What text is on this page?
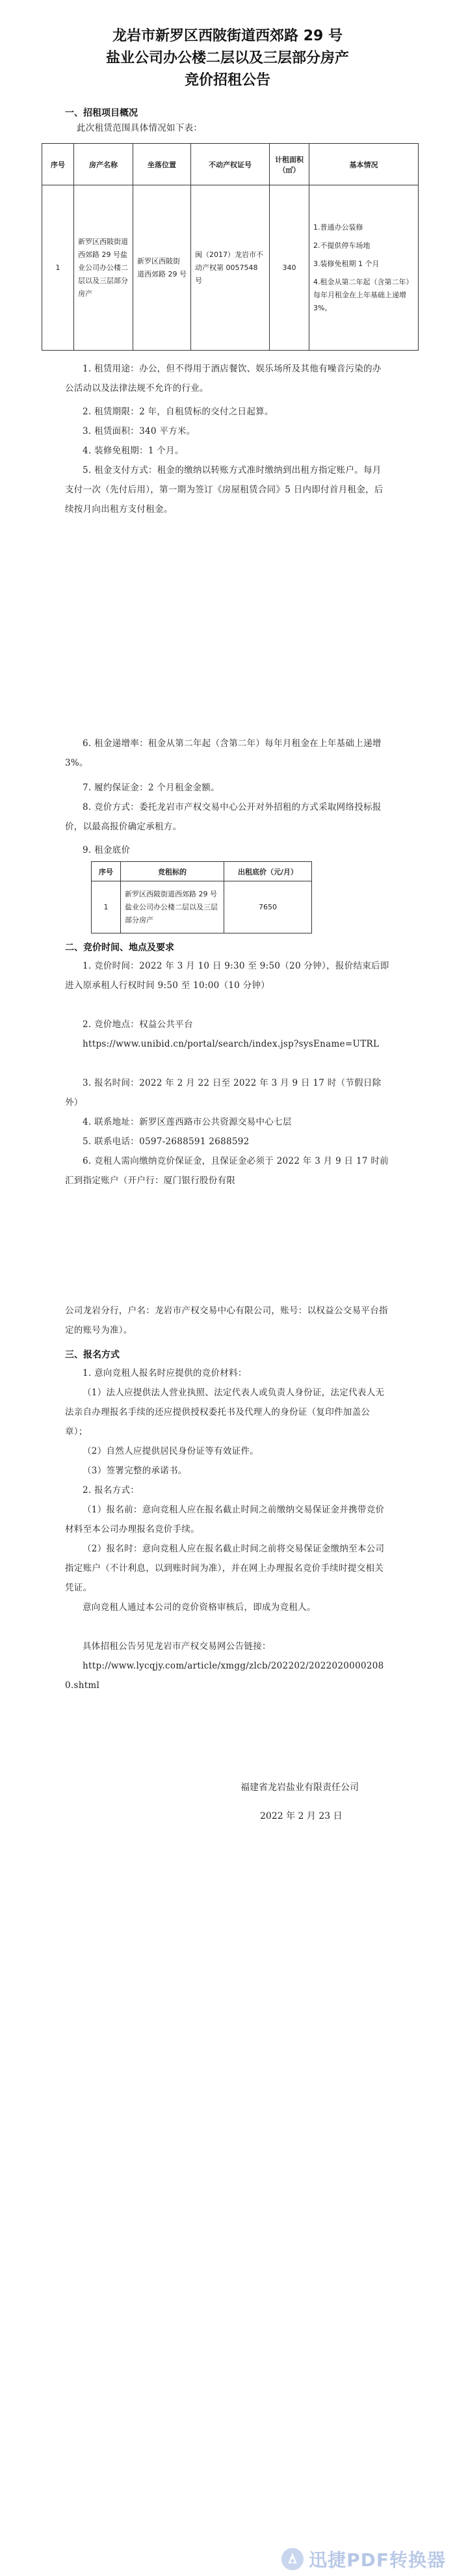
龙岩市新罗区西陂街道西郊路 29 号
盐业公司办公楼二层以及三层部分房产
竞价招租公告
一、招租项目概况
此次租赁范围具体情况如下表：
序号	房产名称	坐落位置	不动产权证号	计租面积（㎡）	基本情况
1	新罗区西陂街道西郊路 29 号盐业公司办公楼二层以及三层部分房产	新罗区西陂街道西郊路 29 号	闽（2017）龙岩市不动产权第 0057548 号	340	1.普通办公装修
2.不提供停车场地
3.装修免租期 1 个月
4.租金从第二年起（含第二年）每年月租金在上年基础上递增 3%。
1. 租赁用途：办公，但不得用于酒店餐饮、娱乐场所及其他有噪音污染的办公活动以及法律法规不允许的行业。
2. 租赁期限：2 年，自租赁标的交付之日起算。
3. 租赁面积：340 平方米。
4. 装修免租期：1 个月。
5. 租金支付方式：租金的缴纳以转账方式准时缴纳到出租方指定账户。每月支付一次（先付后用），第一期为签订《房屋租赁合同》5 日内即付首月租金，后续按月向出租方支付租金。
6. 租金递增率：租金从第二年起（含第二年）每年月租金在上年基础上递增 3%。
7. 履约保证金：2 个月租金金额。
8. 竞价方式：委托龙岩市产权交易中心公开对外招租的方式采取网络投标报价，以最高报价确定承租方。
9. 租金底价
序号	竞租标的	出租底价（元/月）
1	新罗区西陂街道西郊路 29 号盐业公司办公楼二层以及三层部分房产	7650
二、竞价时间、地点及要求
1. 竞价时间：2022 年 3 月 10 日 9:30 至 9:50（20 分钟），报价结束后即进入原承租人行权时间 9:50 至 10:00（10 分钟）
2. 竞价地点：权益公共平台
https://www.unibid.cn/portal/search/index.jsp?sysEname=UTRL
3. 报名时间：2022 年 2 月 22 日至 2022 年 3 月 9 日 17 时（节假日除外）
4. 联系地址：新罗区莲西路市公共资源交易中心七层
5. 联系电话：0597-2688591 2688592
6. 竞租人需向缴纳竞价保证金，且保证金必须于 2022 年 3 月 9 日 17 时前汇到指定账户（开户行：厦门银行股份有限
公司龙岩分行，户名：龙岩市产权交易中心有限公司，账号：以权益公交易平台指定的账号为准）。
三、报名方式
1. 意向竞租人报名时应提供的竞价材料：
（1）法人应提供法人营业执照、法定代表人或负责人身份证，法定代表人无法亲自办理报名手续的还应提供授权委托书及代理人的身份证（复印件加盖公章）；
（2）自然人应提供居民身份证等有效证件。
（3）签署完整的承诺书。
2. 报名方式：
（1）报名前：意向竞租人应在报名截止时间之前缴纳交易保证金并携带竞价材料至本公司办理报名竞价手续。
（2）报名时：意向竞租人应在报名截止时间之前将交易保证金缴纳至本公司指定账户（不计利息，以到账时间为准），并在网上办理报名竞价手续时提交相关凭证。
意向竞租人通过本公司的竞价资格审核后，即成为竞租人。
具体招租公告另见龙岩市产权交易网公告链接：
http://www.lycqjy.com/article/xmgg/zlcb/202202/20220200002080.shtml
福建省龙岩盐业有限责任公司
2022 年 2 月 23 日
迅捷PDF转换器
